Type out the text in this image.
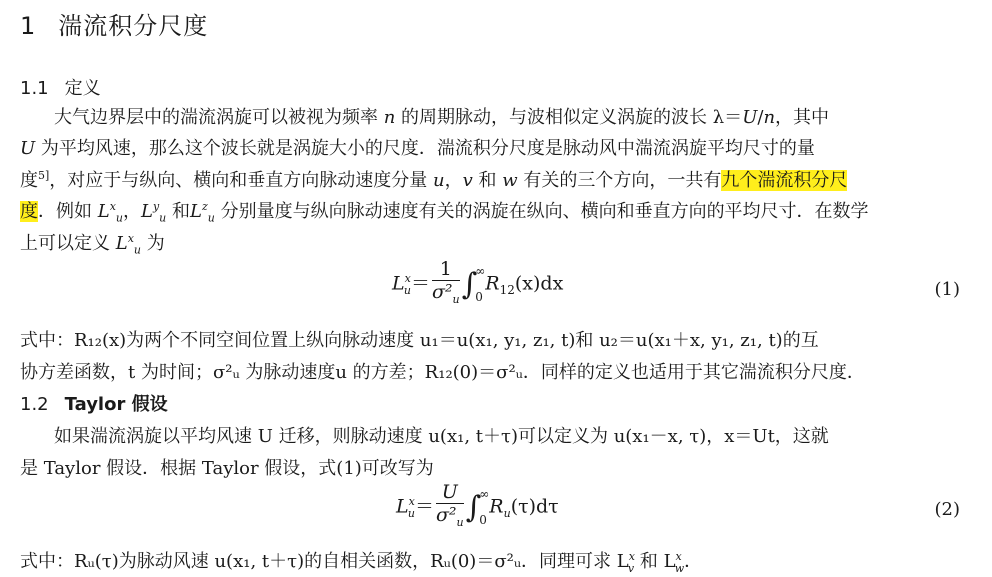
1 湍流积分尺度
1.1 定义
大气边界层中的湍流涡旋可以被视为频率 n 的周期脉动，与波相似定义涡旋的波长 λ＝U/n，其中
U 为平均风速，那么这个波长就是涡旋大小的尺度．湍流积分尺度是脉动风中湍流涡旋平均尺寸的量
度$^{5]}$，对应于与纵向、横向和垂直方向脉动速度分量 u，v 和 w 有关的三个方向，一共有九个湍流积分尺
度．例如 $L^x_u$，$L^y_u$ 和$L^z_u$ 分别量度与纵向脉动速度有关的涡旋在纵向、横向和垂直方向的平均尺寸．在数学
上可以定义 $L^x_u$ 为
$L^x_u= \frac{1}{\sigma^2_u}$ ∫
∞
0
$R_{12}(x)dx$	(1)
式中：R₁₂(x)为两个不同空间位置上纵向脉动速度 u₁＝u(x₁, y₁, z₁, t)和 u₂＝u(x₁＋x, y₁, z₁, t)的互
协方差函数，t 为时间；σ²ᵤ 为脉动速度u 的方差；R₁₂(0)＝σ²ᵤ．同样的定义也适用于其它湍流积分尺度．
1.2 Taylor 假设
如果湍流涡旋以平均风速 U 迁移，则脉动速度 u(x₁, t＋τ)可以定义为 u(x₁－x, τ)，x＝Ut，这就
是 Taylor 假设．根据 Taylor 假设，式(1)可改写为
$L^x_u= \frac{U}{\sigma^2_u}$ ∫
∞
0
$R_u(\tau)d\tau$	(2)
式中：Rᵤ(τ)为脉动风速 u(x₁, t＋τ)的自相关函数，Rᵤ(0)＝σ²ᵤ．同理可求 $L^x_v$ 和 $L^x_w$．
